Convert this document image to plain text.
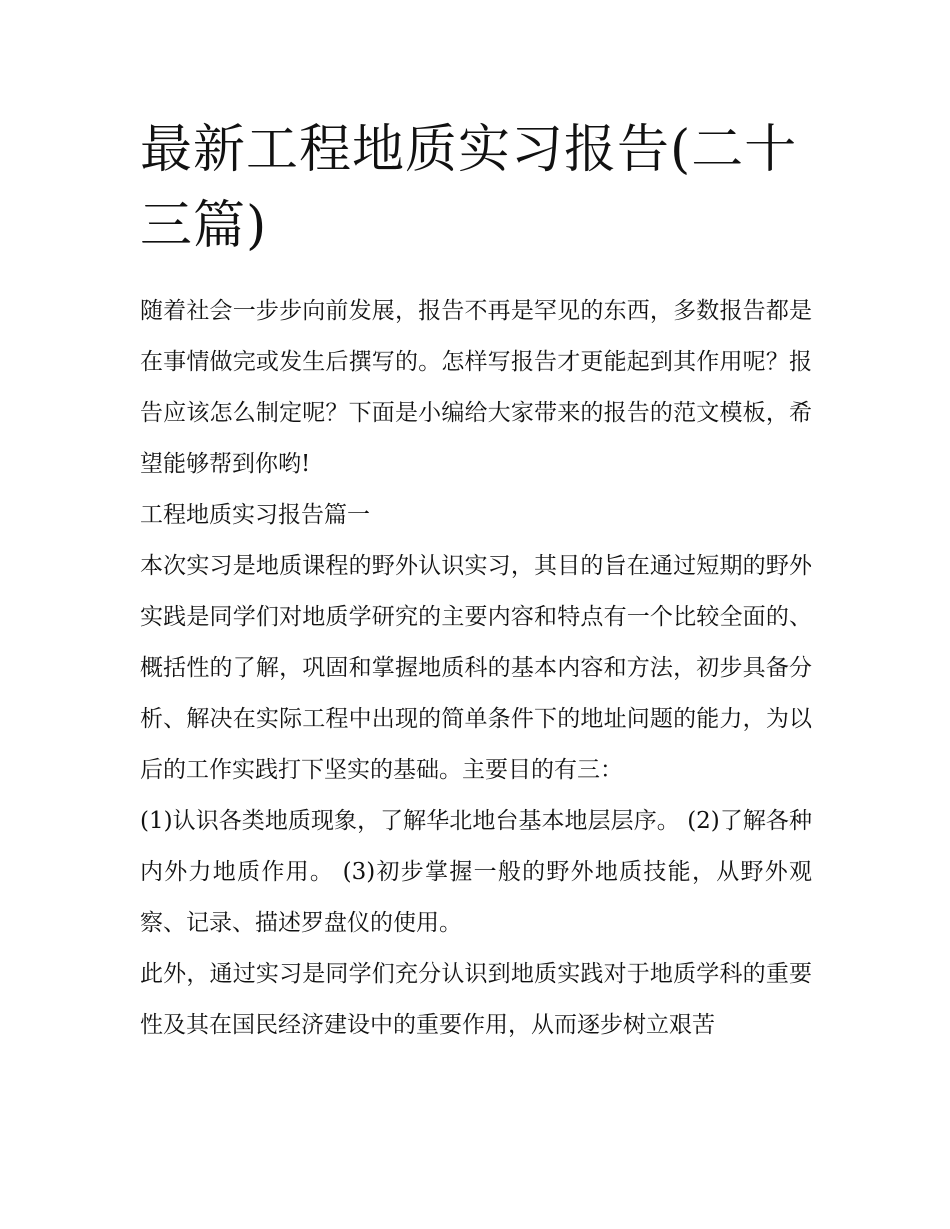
最新工程地质实习报告(二十三篇)

随着社会一步步向前发展，报告不再是罕见的东西，多数报告都是在事情做完或发生后撰写的。怎样写报告才更能起到其作用呢？报告应该怎么制定呢？下面是小编给大家带来的报告的范文模板，希望能够帮到你哟!

工程地质实习报告篇一

本次实习是地质课程的野外认识实习，其目的旨在通过短期的野外实践是同学们对地质学研究的主要内容和特点有一个比较全面的、概括性的了解，巩固和掌握地质科的基本内容和方法，初步具备分析、解决在实际工程中出现的简单条件下的地址问题的能力，为以后的工作实践打下坚实的基础。主要目的有三：

(1)认识各类地质现象，了解华北地台基本地层层序。 (2)了解各种内外力地质作用。 (3)初步掌握一般的野外地质技能，从野外观察、记录、描述罗盘仪的使用。

此外，通过实习是同学们充分认识到地质实践对于地质学科的重要性及其在国民经济建设中的重要作用，从而逐步树立艰苦
